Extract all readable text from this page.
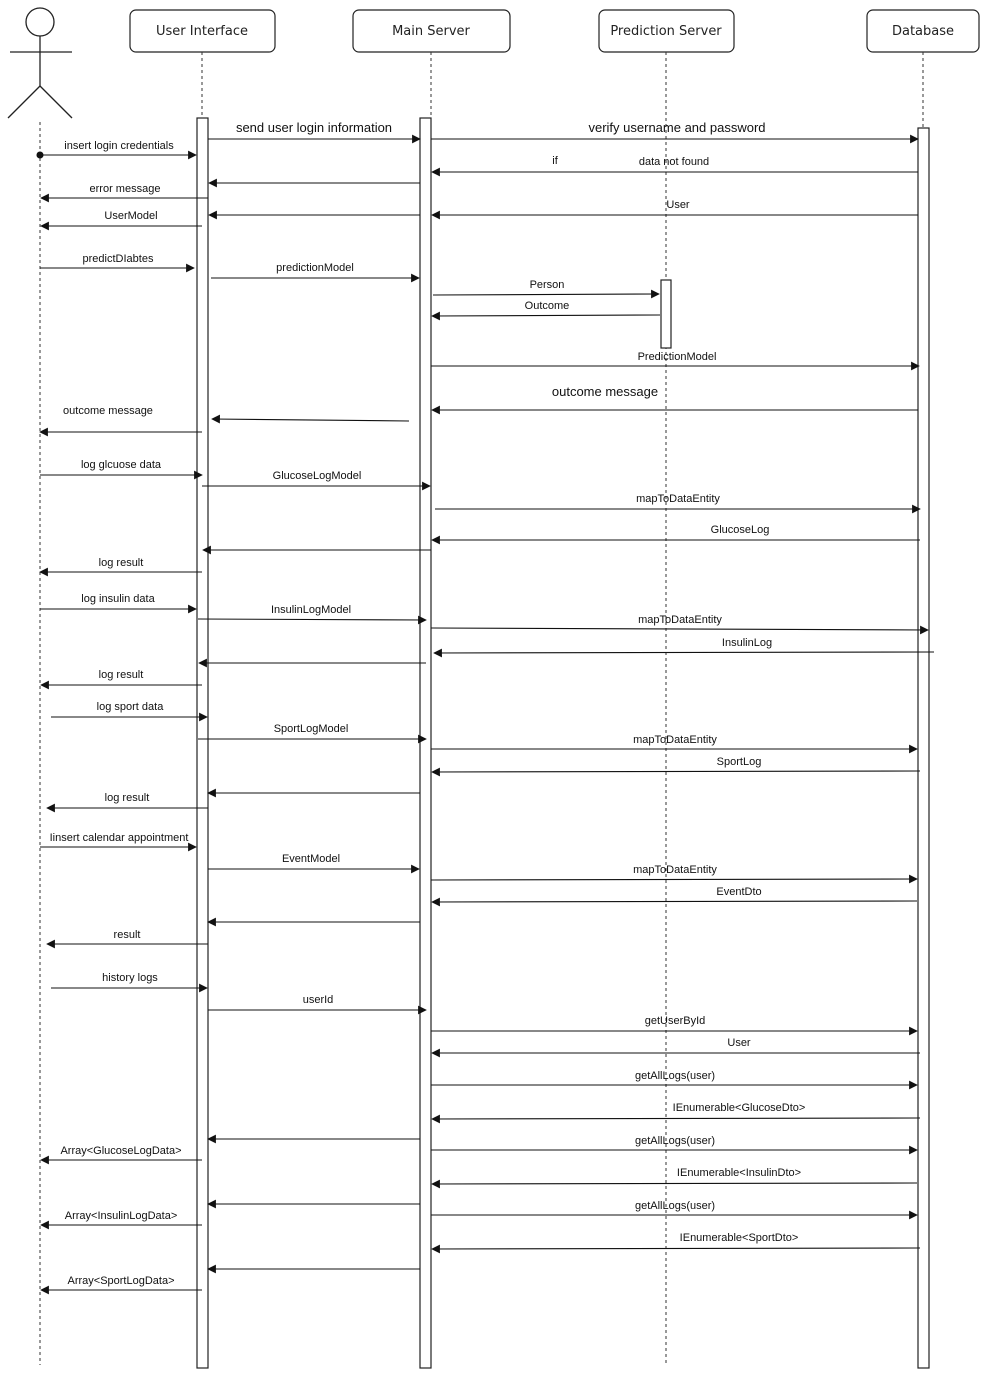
User Interface	Main Server	Prediction Server	Database
send user login information	verify username and password
insert login credentials
if	data not found
error message
User
UserModel
predictDIabtes
predictionModel
Person
Outcome
PredictionModel
outcome message
outcome message
log glcuose data
GlucoseLogModel
mapToDataEntity
GlucoseLog
log result
log insulin data
InsulinLogModel
mapToDataEntity
InsulinLog
log result
log sport data
SportLogModel
mapToDataEntity
SportLog
log result
Iinsert calendar appointment
EventModel
mapToDataEntity
EventDto
result
history logs
userId
getUserById
User
getAllLogs(user)
IEnumerable<GlucoseDto>
getAllLogs(user)
Array<GlucoseLogData>
IEnumerable<InsulinDto>
getAllLogs(user)
Array<InsulinLogData>
IEnumerable<SportDto>
Array<SportLogData>
